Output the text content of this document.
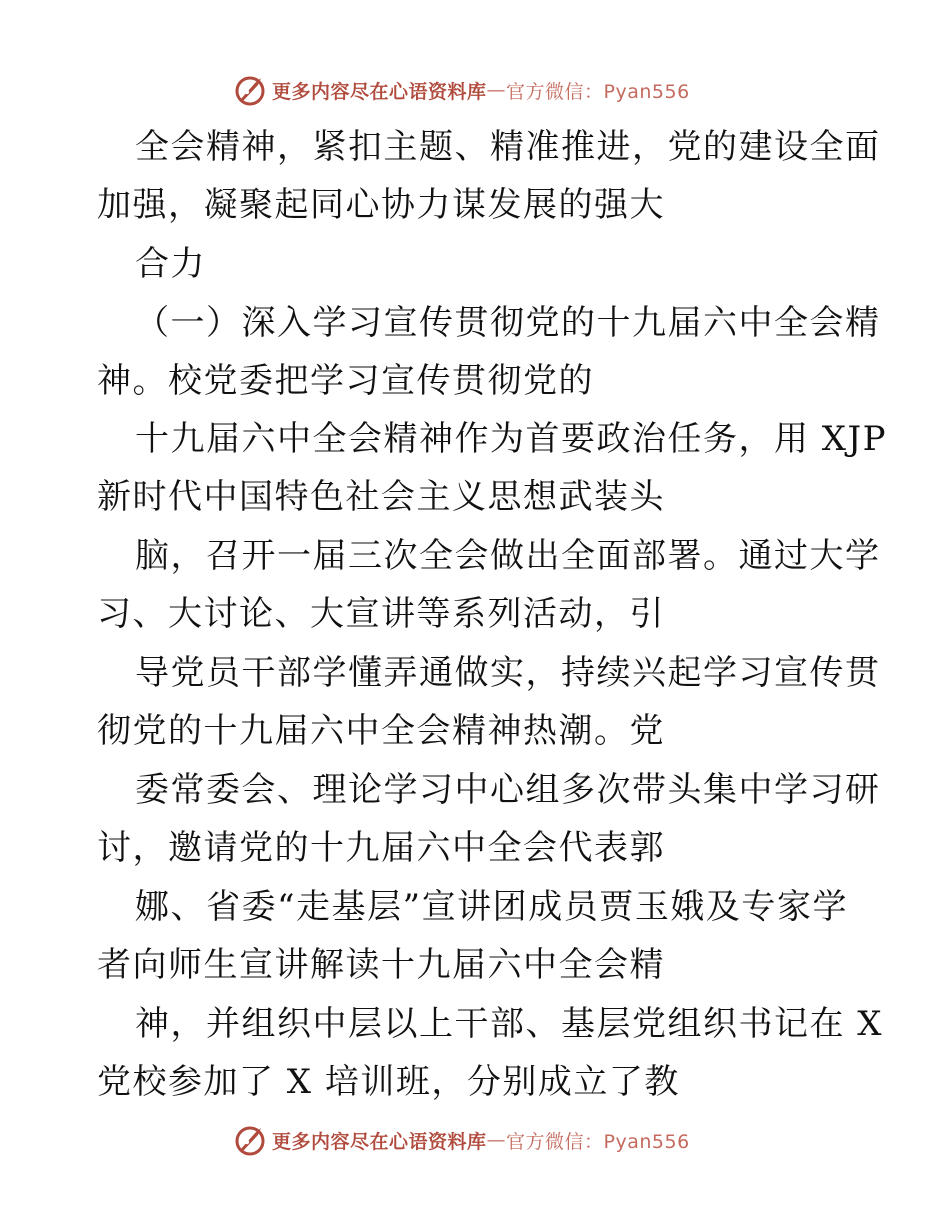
更多内容尽在心语资料库 — 官方微信：Pyan556
全会精神，紧扣主题、精准推进，党的建设全面
加强，凝聚起同心协力谋发展的强大
合力
（一）深入学习宣传贯彻党的十九届六中全会精
神。校党委把学习宣传贯彻党的
十九届六中全会精神作为首要政治任务，用 XJP
新时代中国特色社会主义思想武装头
脑，召开一届三次全会做出全面部署。通过大学
习、大讨论、大宣讲等系列活动，引
导党员干部学懂弄通做实，持续兴起学习宣传贯
彻党的十九届六中全会精神热潮。党
委常委会、理论学习中心组多次带头集中学习研
讨，邀请党的十九届六中全会代表郭
娜、省委“走基层”宣讲团成员贾玉娥及专家学
者向师生宣讲解读十九届六中全会精
神，并组织中层以上干部、基层党组织书记在 X
党校参加了 X 培训班，分别成立了教
更多内容尽在心语资料库 — 官方微信：Pyan556
